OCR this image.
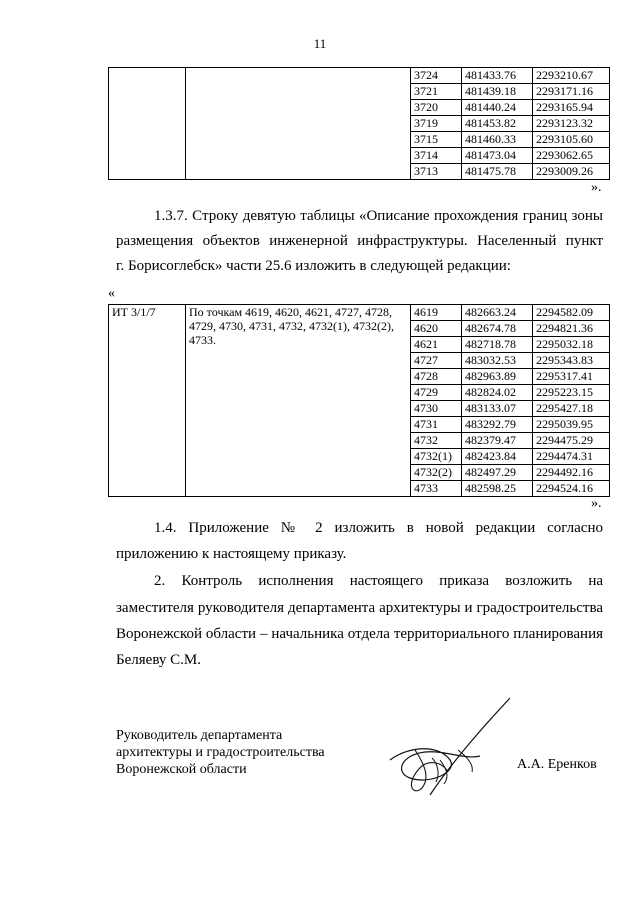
11
		3724	481433.76	2293210.67
		3721	481439.18	2293171.16
		3720	481440.24	2293165.94
		3719	481453.82	2293123.32
		3715	481460.33	2293105.60
		3714	481473.04	2293062.65
		3713	481475.78	2293009.26
».
1.3.7. Строку девятую таблицы «Описание прохождения границ зоны
размещения объектов инженерной инфраструктуры. Населенный пункт
г. Борисоглебск» части 25.6 изложить в следующей редакции:
«
ИТ 3/1/7	По точкам 4619, 4620, 4621, 4727, 4728, 4729, 4730, 4731, 4732, 4732(1), 4732(2), 4733.	4619	482663.24	2294582.09
		4620	482674.78	2294821.36
		4621	482718.78	2295032.18
		4727	483032.53	2295343.83
		4728	482963.89	2295317.41
		4729	482824.02	2295223.15
		4730	483133.07	2295427.18
		4731	483292.79	2295039.95
		4732	482379.47	2294475.29
		4732(1)	482423.84	2294474.31
		4732(2)	482497.29	2294492.16
		4733	482598.25	2294524.16
».
1.4. Приложение № 2 изложить в новой редакции согласно
приложению к настоящему приказу.
2. Контроль исполнения настоящего приказа возложить на
заместителя руководителя департамента архитектуры и градостроительства
Воронежской области – начальника отдела территориального планирования
Беляеву С.М.
Руководитель департамента
архитектуры и градостроительства
Воронежской области	А.А. Еренков
